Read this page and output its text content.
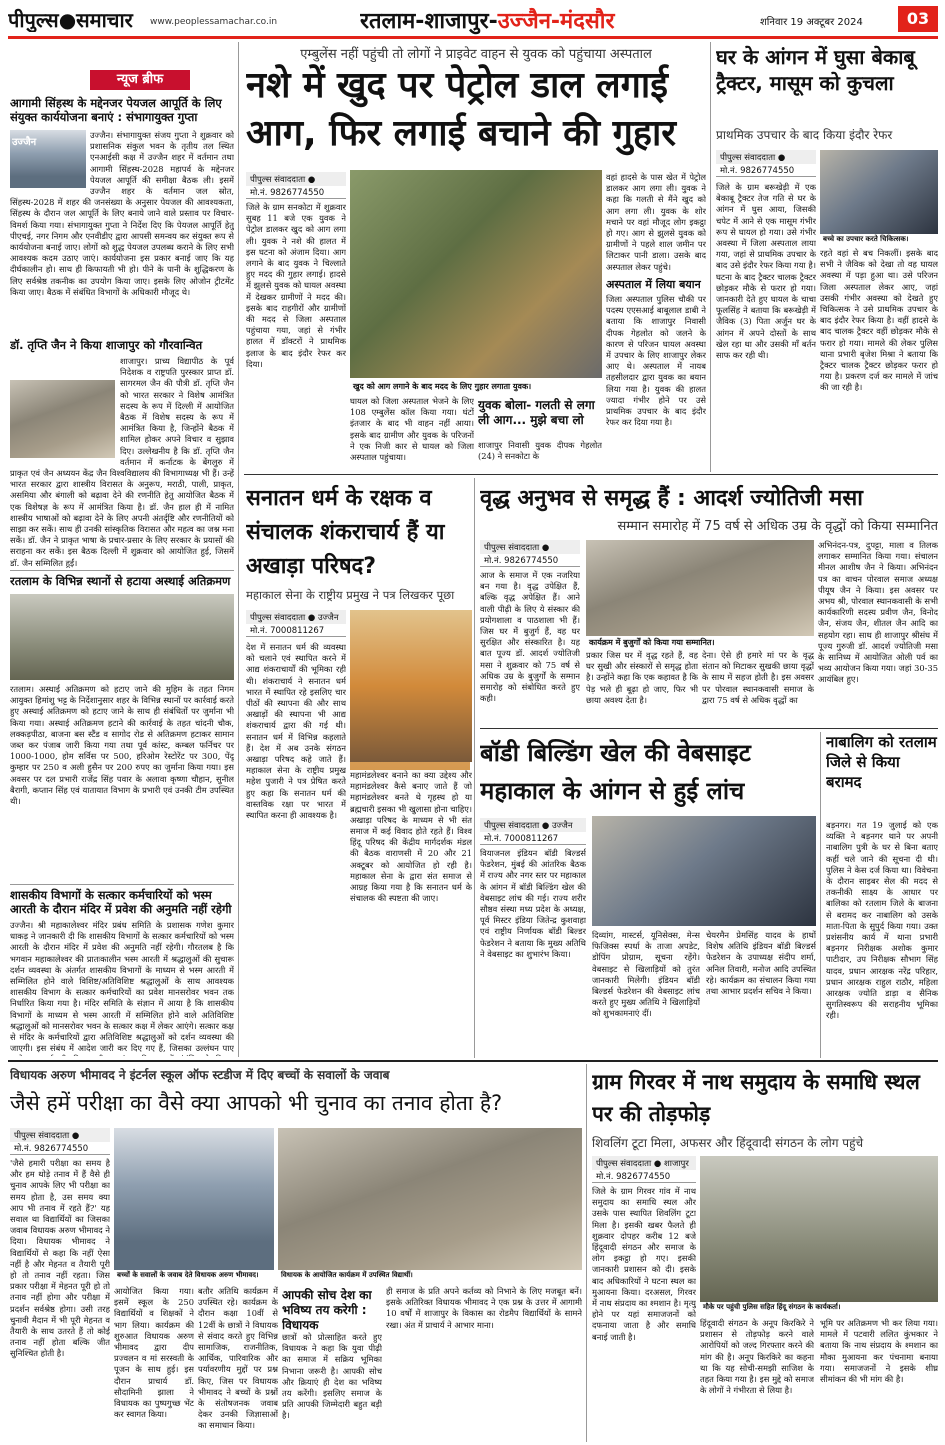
पीपुल्स●समाचार	www.peoplessamachar.co.in	रतलाम-शाजापुर-उज्जैन-मंदसौर	शनिवार 19 अक्टूबर 2024	03
न्यूज ब्रीफ
आगामी सिंहस्थ के मद्देनजर पेयजल आपूर्ति के लिए संयुक्त कार्ययोजना बनाएं : संभागायुक्त गुप्ता
उज्जैन
उज्जैन। संभागायुक्त संजय गुप्ता ने शुक्रवार को प्रशासनिक संकुल भवन के तृतीय तल स्थित एनआईसी कक्ष में उज्जैन शहर में वर्तमान तथा आगामी सिंहस्थ-2028 महापर्व के मद्देनजर पेयजल आपूर्ति की समीक्षा बैठक ली। इसमें उज्जैन शहर के वर्तमान जल स्रोत, सिंहस्थ-2028 में शहर की जनसंख्या के अनुसार पेयजल की आवश्यकता, सिंहस्थ के दौरान जल आपूर्ति के लिए बनाये जाने वाले प्रस्ताव पर विचार-विमर्श किया गया। संभागायुक्त गुप्ता ने निर्देश दिए कि पेयजल आपूर्ति हेतु पीएचई, नगर निगम और एनवीडीए द्वारा आपसी समन्वय कर संयुक्त रूप से कार्ययोजना बनाई जाए। लोगों को शुद्ध पेयजल उपलब्ध कराने के लिए सभी आवश्यक कदम उठाए जाएं। कार्ययोजना इस प्रकार बनाई जाए कि यह दीर्घकालीन हो। साथ ही किफायती भी हो। पीने के पानी के शुद्धिकरण के लिए सर्वश्रेष्ठ तकनीक का उपयोग किया जाए। इसके लिए ओजोन ट्रीटमेंट किया जाए। बैठक में संबंधित विभागों के अधिकारी मौजूद थे।
डॉ. तृप्ति जैन ने किया शाजापुर को गौरवान्वित
शाजापुर। प्राच्य विद्यापीठ के पूर्व निदेशक व राष्ट्रपति पुरस्कार प्राप्त डॉ. सागरमल जैन की पौत्री डॉ. तृप्ति जैन को भारत सरकार ने विशेष आमंत्रित सदस्य के रूप में दिल्ली में आयोजित बैठक में विशेष सदस्य के रूप में आमंत्रित किया है, जिन्होंने बैठक में शामिल होकर अपने विचार व सुझाव दिए। उल्लेखनीय है कि डॉ. तृप्ति जैन वर्तमान में कर्नाटक के बेंगलुरु में प्राकृत एवं जैन अध्ययन केंद्र जैन विश्वविद्यालय की विभागाध्यक्ष भी हैं। उन्हें भारत सरकार द्वारा शास्त्रीय विरासत के अनुरूप, मराठी, पाली, प्राकृत, असमिया और बंगाली को बढ़ावा देने की रणनीति हेतु आयोजित बैठक में एक विशेषज्ञ के रूप में आमंत्रित किया है। डॉ. जैन हाल ही में नामित शास्त्रीय भाषाओं को बढ़ावा देने के लिए अपनी अंतर्दृष्टि और रणनीतियों को साझा कर सकें। साथ ही उनकी सांस्कृतिक विरासत और महत्व का जश्न मना सकें। डॉ. जैन ने प्राकृत भाषा के प्रचार-प्रसार के लिए सरकार के प्रयासों की सराहना कर सकें। इस बैठक दिल्ली में शुक्रवार को आयोजित हुई, जिसमें डॉ. जैन सम्मिलित हुईं।
रतलाम के विभिन्न स्थानों से हटाया अस्थाई अतिक्रमण
रतलाम। अस्थाई अतिक्रमण को हटाए जाने की मुहिम के तहत निगम आयुक्त हिमांशु भट्ट के निर्देशानुसार शहर के विभिन्न स्थानों पर कार्रवाई करते हुए अस्थाई अतिक्रमण को हटाए जाने के साथ ही संबंधितों पर जुर्माना भी किया गया। अस्थाई अतिक्रमण हटाने की कार्रवाई के तहत चांदनी चौक, लक्कड़पीठा, बाजना बस स्टैंड व सागोद रोड से अतिक्रमण हटाकर सामान जब्त कर पंजाब जारी किया गया तथा पूर्व कांस्ट, कम्बल फर्निचर पर 1000-1000, होम सर्विस पर 500, हरिओम रेस्टोरेंट पर 300, पेंदू कुम्हार पर 250 व अली हुसैन पर 200 रुपए का जुर्माना किया गया। इस अवसर पर दल प्रभारी राजेंद्र सिंह पवार के अलावा कृष्णा चौहान, सुनील बैरागी, कप्तान सिंह एवं यातायात विभाग के प्रभारी एवं उनकी टीम उपस्थित थी।
शासकीय विभागों के सत्कार कर्मचारियों को भस्म आरती के दौरान मंदिर में प्रवेश की अनुमति नहीं रहेगी
उज्जैन। श्री महाकालेश्वर मंदिर प्रबंध समिति के प्रशासक गणेश कुमार धाकड़ ने जानकारी दी कि शासकीय विभागों के सत्कार कर्मचारियों को भस्म आरती के दौरान मंदिर में प्रवेश की अनुमति नहीं रहेगी। गौरतलब है कि भगवान महाकालेश्वर की प्रातःकालीन भस्म आरती में श्रद्धालुओं की सुचारू दर्शन व्यवस्था के अंतर्गत शासकीय विभागों के माध्यम से भस्म आरती में सम्मिलित होने वाले विशिष्ट/अतिविशिष्ट श्रद्धालुओं के साथ आवश्यक शासकीय विभाग के सत्कार कर्मचारियों का प्रवेश मानसरोवर भवन तक निर्धारित किया गया है। मंदिर समिति के संज्ञान में आया है कि शासकीय विभागों के माध्यम से भस्म आरती में सम्मिलित होने वाले अतिविशिष्ट श्रद्धालुओं को मानसरोवर भवन के सत्कार कक्ष में लेकर आएंगे। सत्कार कक्ष से मंदिर के कर्मचारियों द्वारा अतिविशिष्ट श्रद्धालुओं को दर्शन व्यवस्था की जाएगी। इस संबंध में आदेश जारी कर दिए गए हैं, जिसका उल्लंघन पाए
एम्बुलेंस नहीं पहुंची तो लोगों ने प्राइवेट वाहन से युवक को पहुंचाया अस्पताल
नशे में खुद पर पेट्रोल डाल लगाई आग, फिर लगाई बचाने की गुहार
पीपुल्स संवाददाता ●
मो.नं. 9826774550
जिले के ग्राम सनकोटा में शुक्रवार सुबह 11 बजे एक युवक ने पेट्रोल डालकर खुद को आग लगा ली। युवक ने नशे की हालत में इस घटना को अंजाम दिया। आग लगाने के बाद युवक ने चिल्लाते हुए मदद की गुहार लगाई। हादसे में झुलसे युवक को घायल अवस्था में देखकर ग्रामीणों ने मदद की। इसके बाद राहगीरों और ग्रामीणों की मदद से जिला अस्पताल पहुंचाया गया, जहां से गंभीर हालत में डॉक्टरों ने प्राथमिक इलाज के बाद इंदौर रेफर कर दिया।
खुद को आग लगाने के बाद मदद के लिए गुहार लगाता युवक।
घायल को जिला अस्पताल भेजने के लिए 108 एम्बुलेंस कॉल किया गया। घंटों इंतजार के बाद भी वाहन नहीं आया। इसके बाद ग्रामीण और युवक के परिजनों ने एक निजी कार से घायल को जिला अस्पताल पहुंचाया।
युवक बोला- गलती से लगा ली आग... मुझे बचा लो
शाजापुर निवासी युवक दीपक गेहलोत (24) ने सनकोटा के
वहां हादसे के पास खेत में पेट्रोल डालकर आग लगा ली। युवक ने कहा कि गलती से मैंने खुद को आग लगा ली। युवक के शोर मचाने पर वहां मौजूद लोग इकट्ठा हो गए। आग से झुलसे युवक को ग्रामीणों ने पहले शाल जमीन पर लिटाकर पानी डाला। उसके बाद अस्पताल लेकर पहुंचे।
अस्पताल में लिया बयान
जिला अस्पताल पुलिस चौकी पर पदस्थ एएसआई बाबूलाल डाबी ने बताया कि शाजापुर निवासी दीपक गेहलोत को जलने के कारण से परिजन घायल अवस्था में उपचार के लिए शाजापुर लेकर आए थे। अस्पताल में नायब तहसीलदार द्वारा युवक का बयान लिया गया है। युवक की हालत ज्यादा गंभीर होने पर उसे प्राथमिक उपचार के बाद इंदौर रेफर कर दिया गया है।
घर के आंगन में घुसा बेकाबू ट्रैक्टर, मासूम को कुचला
प्राथमिक उपचार के बाद किया इंदौर रेफर
पीपुल्स संवाददाता ●
मो.नं. 9826774550
बच्चे का उपचार करते चिकित्सक।
जिले के ग्राम बरूखेड़ी में एक बेकाबू ट्रैक्टर तेज गति से घर के आंगन में घुस आया, जिसकी चपेट में आने से एक मासूम गंभीर रूप से घायल हो गया। उसे गंभीर अवस्था में जिला अस्पताल लाया गया, जहां से प्राथमिक उपचार के बाद उसे इंदौर रेफर किया गया है। घटना के बाद ट्रैक्टर चालक ट्रैक्टर छोड़कर मौके से फरार हो गया। जानकारी देते हुए घायल के चाचा फूलसिंह ने बताया कि बरूखेड़ी में जैविक (3) पिता अर्जुन घर के आंगन में अपने दोस्तों के साथ खेल रहा था और उसकी माँ बर्तन साफ कर रही थी।
रहते वहां से बच निकलीं। इसके बाद सभी ने जैविक को देखा तो वह घायल अवस्था में पड़ा हुआ था। उसे परिजन जिला अस्पताल लेकर आए, जहां उसकी गंभीर अवस्था को देखते हुए चिकित्सक ने उसे प्राथमिक उपचार के बाद इंदौर रेफर किया है। वहीं हादसे के बाद चालक ट्रैक्टर वहीं छोड़कर मौके से फरार हो गया। मामले की लेकर पुलिस थाना प्रभारी बृजेश मिश्रा ने बताया कि ट्रैक्टर चालक ट्रैक्टर छोड़कर फरार हो गया है। प्रकरण दर्ज कर मामले में जांच की जा रही है।
सनातन धर्म के रक्षक व संचालक शंकराचार्य हैं या अखाड़ा परिषद?
महाकाल सेना के राष्ट्रीय प्रमुख ने पत्र लिखकर पूछा
पीपुल्स संवाददाता ● उज्जैन
मो.नं. 7000811267
देश में सनातन धर्म की व्यवस्था को चलाने एवं स्थापित करने में आद्य शंकराचार्यों की भूमिका रही थी। शंकराचार्य ने सनातन धर्म भारत में स्थापित रहे इसलिए चार पीठों की स्थापना की और साथ अखाड़ों की स्थापना भी आद्य शंकराचार्य द्वारा की गई थी। सनातन धर्म में विभिन्न कहलाते हैं। देश में अब उनके संगठन अखाड़ा परिषद कहे जाते हैं। महाकाल सेना के राष्ट्रीय प्रमुख महेश पुजारी ने पत्र प्रेषित करते हुए कहा कि सनातन धर्म की वास्तविक रक्षा पर भारत में स्थापित करना ही आवश्यक है।
महामंडलेश्वर बनाने का क्या उद्देश्य और महामंडलेश्वर कैसे बनाए जाते हैं जो महामंडलेश्वर बनते थे गृहस्थ हो या ब्रह्मचारी इसका भी खुलासा होना चाहिए। अखाड़ा परिषद के माध्यम से भी संत समाज में कई विवाद होते रहते हैं। विश्व हिंदू परिषद की केंद्रीय मार्गदर्शक मंडल की बैठक वाराणसी में 20 और 21 अक्टूबर को आयोजित हो रही है। महाकाल सेना के द्वारा संत समाज से आग्रह किया गया है कि सनातन धर्म के संचालक की स्पष्टता की जाए।
वृद्ध अनुभव से समृद्ध हैं : आदर्श ज्योतिजी मसा
सम्मान समारोह में 75 वर्ष से अधिक उम्र के वृद्धों को किया सम्मानित
पीपुल्स संवाददाता ●
मो.नं. 9826774550
आज के समाज में एक नजरिया बन गया है। वृद्ध उपेक्षित हैं, बल्कि वृद्ध अपेक्षित हैं। आने वाली पीढ़ी के लिए ये संस्कार की प्रयोगशाला व पाठशाला भी हैं। जिस घर में बुजुर्ग हैं, वह घर सुरक्षित और संस्कारित है। यह बात पूज्य डॉ. आदर्श ज्योतिजी मसा ने शुक्रवार को 75 वर्ष से अधिक उम्र के बुजुर्गों के सम्मान समारोह को संबोधित करते हुए कही।
कार्यक्रम में बुजुर्गों को किया गया सम्मानित।
प्रकार जिस घर में वृद्ध रहते हैं, वह घर सुखी और संस्कारों से समृद्ध होता है। उन्होंने कहा कि एक कहावत है कि पेड़ भले ही बूढ़ा हो जाए, फिर भी छाया अवश्य देता है।
देना। ऐसे ही हमारे मां पर के वृद्ध संतान को मिटाकर सुखकी छाया वृद्धों के साथ में सहज होती है। इस अवसर पर पोरवाल स्थानकवासी समाज के द्वारा 75 वर्ष से अधिक वृद्धों का
अभिनंदन-पत्र, दुपट्टा, माला व तिलक लगाकर सम्मानित किया गया। संचालन मीनल आशीष जैन ने किया। अभिनंदन पत्र का वाचन पोरवाल समाज अध्यक्ष पीयूष जैन ने किया। इस अवसर पर अभय श्री, पोरवाल स्थानकवासी के सभी कार्यकारिणी सदस्य प्रवीण जैन, विनोद जैन, संजय जैन, शीतल जैन आदि का सहयोग रहा। साथ ही शाजापुर श्रीसंघ में पूज्य गुरुजी डॉ. आदर्श ज्योतिजी मसा के सानिध्य में आयोजित ओली पर्व का भव्य आयोजन किया गया। जहां 30-35 आयंबिल हुए।
बॉडी बिल्डिंग खेल की वेबसाइट महाकाल के आंगन से हुई लांच
पीपुल्स संवाददाता ● उज्जैन
मो.नं. 7000811267
वियाजनल इंडियन बॉडी बिल्डर्स फेडरेशन, मुंबई की आंतरिक बैठक में राज्य और नगर स्तर पर महाकाल के आंगन में बॉडी बिल्डिंग खेल की वेबसाइट लांच की गई। राज्य शरीर सौष्ठव संस्था मध्य प्रदेश के अध्यक्ष, पूर्व मिस्टर इंडिया जितेन्द्र कुशवाहा एवं राष्ट्रीय निर्णायक बॉडी बिल्डर फेडरेशन ने बताया कि मुख्य अतिथि ने वेबसाइट का शुभारंभ किया।
दिव्यांग, मास्टर्स, यूनिसेक्स, मेन्स फिजिक्स स्पर्धा के ताजा अपडेट, डोपिंग प्रोग्राम, सूचना रहेंगे। वेबसाइट से खिलाड़ियों को तुरंत जानकारी मिलेगी। इंडियन बॉडी बिल्डर्स फेडरेशन की वेबसाइट लांच करते हुए मुख्य अतिथि ने खिलाड़ियों को शुभकामनाएं दीं।
चेयरमैन प्रेमसिंह यादव के हाथों विशेष अतिथि इंडियन बॉडी बिल्डर्स फेडरेशन के उपाध्यक्ष संदीप शर्मा, अनिल तिवारी, मनोज आदि उपस्थित रहे। कार्यक्रम का संचालन किया गया तथा आभार प्रदर्शन सचिव ने किया।
नाबालिग को रतलाम जिले से किया बरामद
बड़नगर। गत 19 जुलाई को एक व्यक्ति ने बड़नगर थाने पर अपनी नाबालिग पुत्री के घर से बिना बताए कहीं चले जाने की सूचना दी थी। पुलिस ने केस दर्ज किया था। विवेचना के दौरान साइबर सेल की मदद से तकनीकी साक्ष्य के आधार पर बालिका को रतलाम जिले के बाजना से बरामद कर नाबालिग को उसके माता-पिता के सुपुर्द किया गया। उक्त प्रशंसनीय कार्य में थाना प्रभारी बड़नगर निरीक्षक अशोक कुमार पाटीदार, उप निरीक्षक सौभाग सिंह यादव, प्रधान आरक्षक नरेंद्र परिहार, प्रधान आरक्षक राहुल राठौर, महिला आरक्षक ज्योति डाड़ा व सैनिक सुगतिस्वरूप की सराहनीय भूमिका रही।
विधायक अरुण भीमावद ने इंटर्नल स्कूल ऑफ स्टडीज में दिए बच्चों के सवालों के जवाब
जैसे हमें परीक्षा का वैसे क्या आपको भी चुनाव का तनाव होता है?
पीपुल्स संवाददाता ●
मो.नं. 9826774550
'जैसे हमारी परीक्षा का समय है और हम थोड़े तनाव में हैं वैसे ही चुनाव आपके लिए भी परीक्षा का समय होता है, उस समय क्या आप भी तनाव में रहते हैं?' यह सवाल था विद्यार्थियों का जिसका जवाब विधायक अरुण भीमावद ने दिया। विधायक भीमावद ने विद्यार्थियों से कहा कि नहीं ऐसा नहीं है और मेहनत व तैयारी पूरी हो तो तनाव नहीं रहता। जिस प्रकार परीक्षा में मेहनत पूरी हो तो तनाव नहीं होगा और परीक्षा में प्रदर्शन सर्वश्रेष्ठ होगा। उसी तरह चुनावी मैदान में भी पूरी मेहनत व तैयारी के साथ उतरते हैं तो कोई तनाव नहीं होता बल्कि जीत सुनिश्चित होती है।
बच्चों के सवालों के जवाब देते विधायक अरुण भीमावद।	विधायक के आयोजित कार्यक्रम में उपस्थित विद्यार्थी।
आयोजित किया गया। इसमें स्कूल के 250 विद्यार्थियों व शिक्षकों ने भाग लिया। कार्यक्रम की शुरुआत विधायक अरुण भीमावद द्वारा दीप प्रज्वलन व मां सरस्वती के पूजन के साथ हुई। इस दौरान प्राचार्य डॉ. सौदामिनी झाला ने विधायक का पुष्पगुच्छ भेंट कर स्वागत किया।
बतौर अतिथि कार्यक्रम में उपस्थित रहे। कार्यक्रम के दौरान कक्षा 10वीं से 12वीं के छात्रों ने विधायक से संवाद करते हुए विभिन्न सामाजिक, राजनीतिक, आर्थिक, पारिवारिक और पर्यावरणीय मुद्दों पर प्रश्न किए, जिस पर विधायक भीमावद ने बच्चों के प्रश्नों के संतोषजनक जवाब देकर उनकी जिज्ञासाओं का समाधान किया।
आपकी सोच देश का भविष्य तय करेगी : विधायक
छात्रों को प्रोत्साहित करते हुए विधायक ने कहा कि युवा पीढ़ी का समाज में सक्रिय भूमिका निभाना जरूरी है। आपकी सोच और क्रियाएं ही देश का भविष्य तय करेंगी। इसलिए समाज के प्रति आपकी जिम्मेदारी बहुत बड़ी है।
ही समाज के प्रति अपने कर्तव्य को निभाने के लिए मजबूत बनें। इसके अतिरिक्त विधायक भीमावद ने एक प्रश्न के उत्तर में आगामी 10 वर्षों में शाजापुर के विकास का रोडमैप विद्यार्थियों के सामने रखा। अंत में प्राचार्य ने आभार माना।
ग्राम गिरवर में नाथ समुदाय के समाधि स्थल पर की तोड़फोड़
शिवलिंग टूटा मिला, अफसर और हिंदूवादी संगठन के लोग पहुंचे
पीपुल्स संवाददाता ● शाजापुर
मो.नं. 9826774550
मौके पर पहुंची पुलिस सहित हिंदू संगठन के कार्यकर्ता।
जिले के ग्राम गिरवर गांव में नाथ समुदाय का समाधि स्थल और उसके पास स्थापित शिवलिंग टूटा मिला है। इसकी खबर फैलते ही शुक्रवार दोपहर करीब 12 बजे हिंदूवादी संगठन और समाज के लोग इकट्ठा हो गए। इसकी जानकारी प्रशासन को दी। इसके बाद अधिकारियों ने घटना स्थल का मुआयना किया। दरअसल, गिरवर में नाथ संप्रदाय का श्मशान है। मृत्यु होने पर यहां समाजजनों को दफनाया जाता है और समाधि बनाई जाती है।
हिंदूवादी संगठन के अनूप किरकिरे ने प्रशासन से तोड़फोड़ करने वाले आरोपियों को जल्द गिरफ्तार करने की मांग की है। अनूप किरकिरे का कहना था कि यह सोची-समझी साजिश के तहत किया गया है। इस मुद्दे को समाज के लोगों ने गंभीरता से लिया है।
भूमि पर अतिक्रमण भी कर लिया गया। मामले में पटवारी ललित कुंभकार ने बताया कि नाथ संप्रदाय के श्मशान का मौका मुआयना कर पंचनामा बनाया गया। समाजजनों ने इसके शीघ्र सीमांकन की भी मांग की है।
